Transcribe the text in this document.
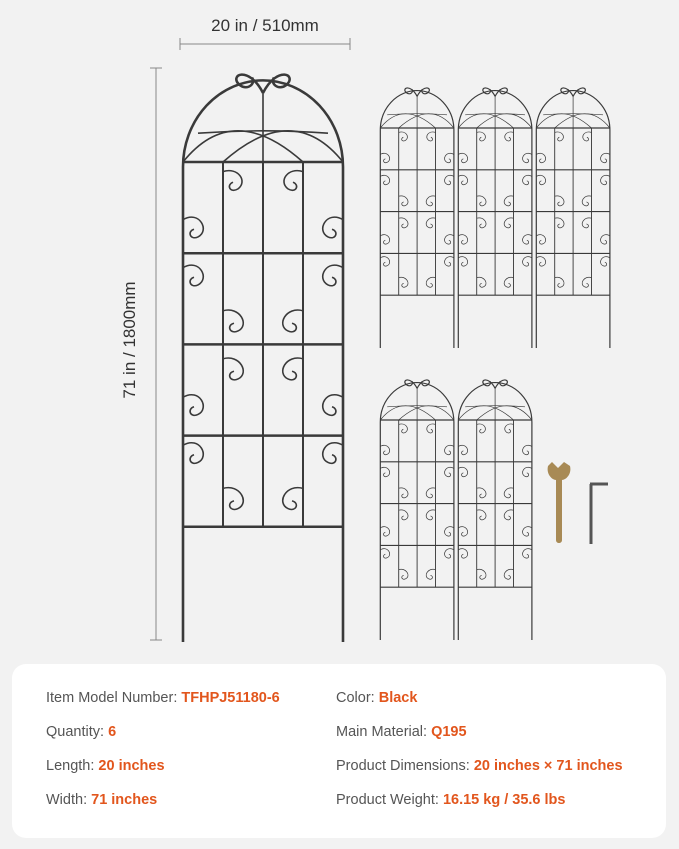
20 in / 510mm
71 in / 1800mm
Item Model Number: TFHPJ51180-6
Quantity: 6
Length: 20 inches
Width: 71 inches
Color: Black
Main Material: Q195
Product Dimensions: 20 inches × 71 inches
Product Weight: 16.15 kg / 35.6 lbs
